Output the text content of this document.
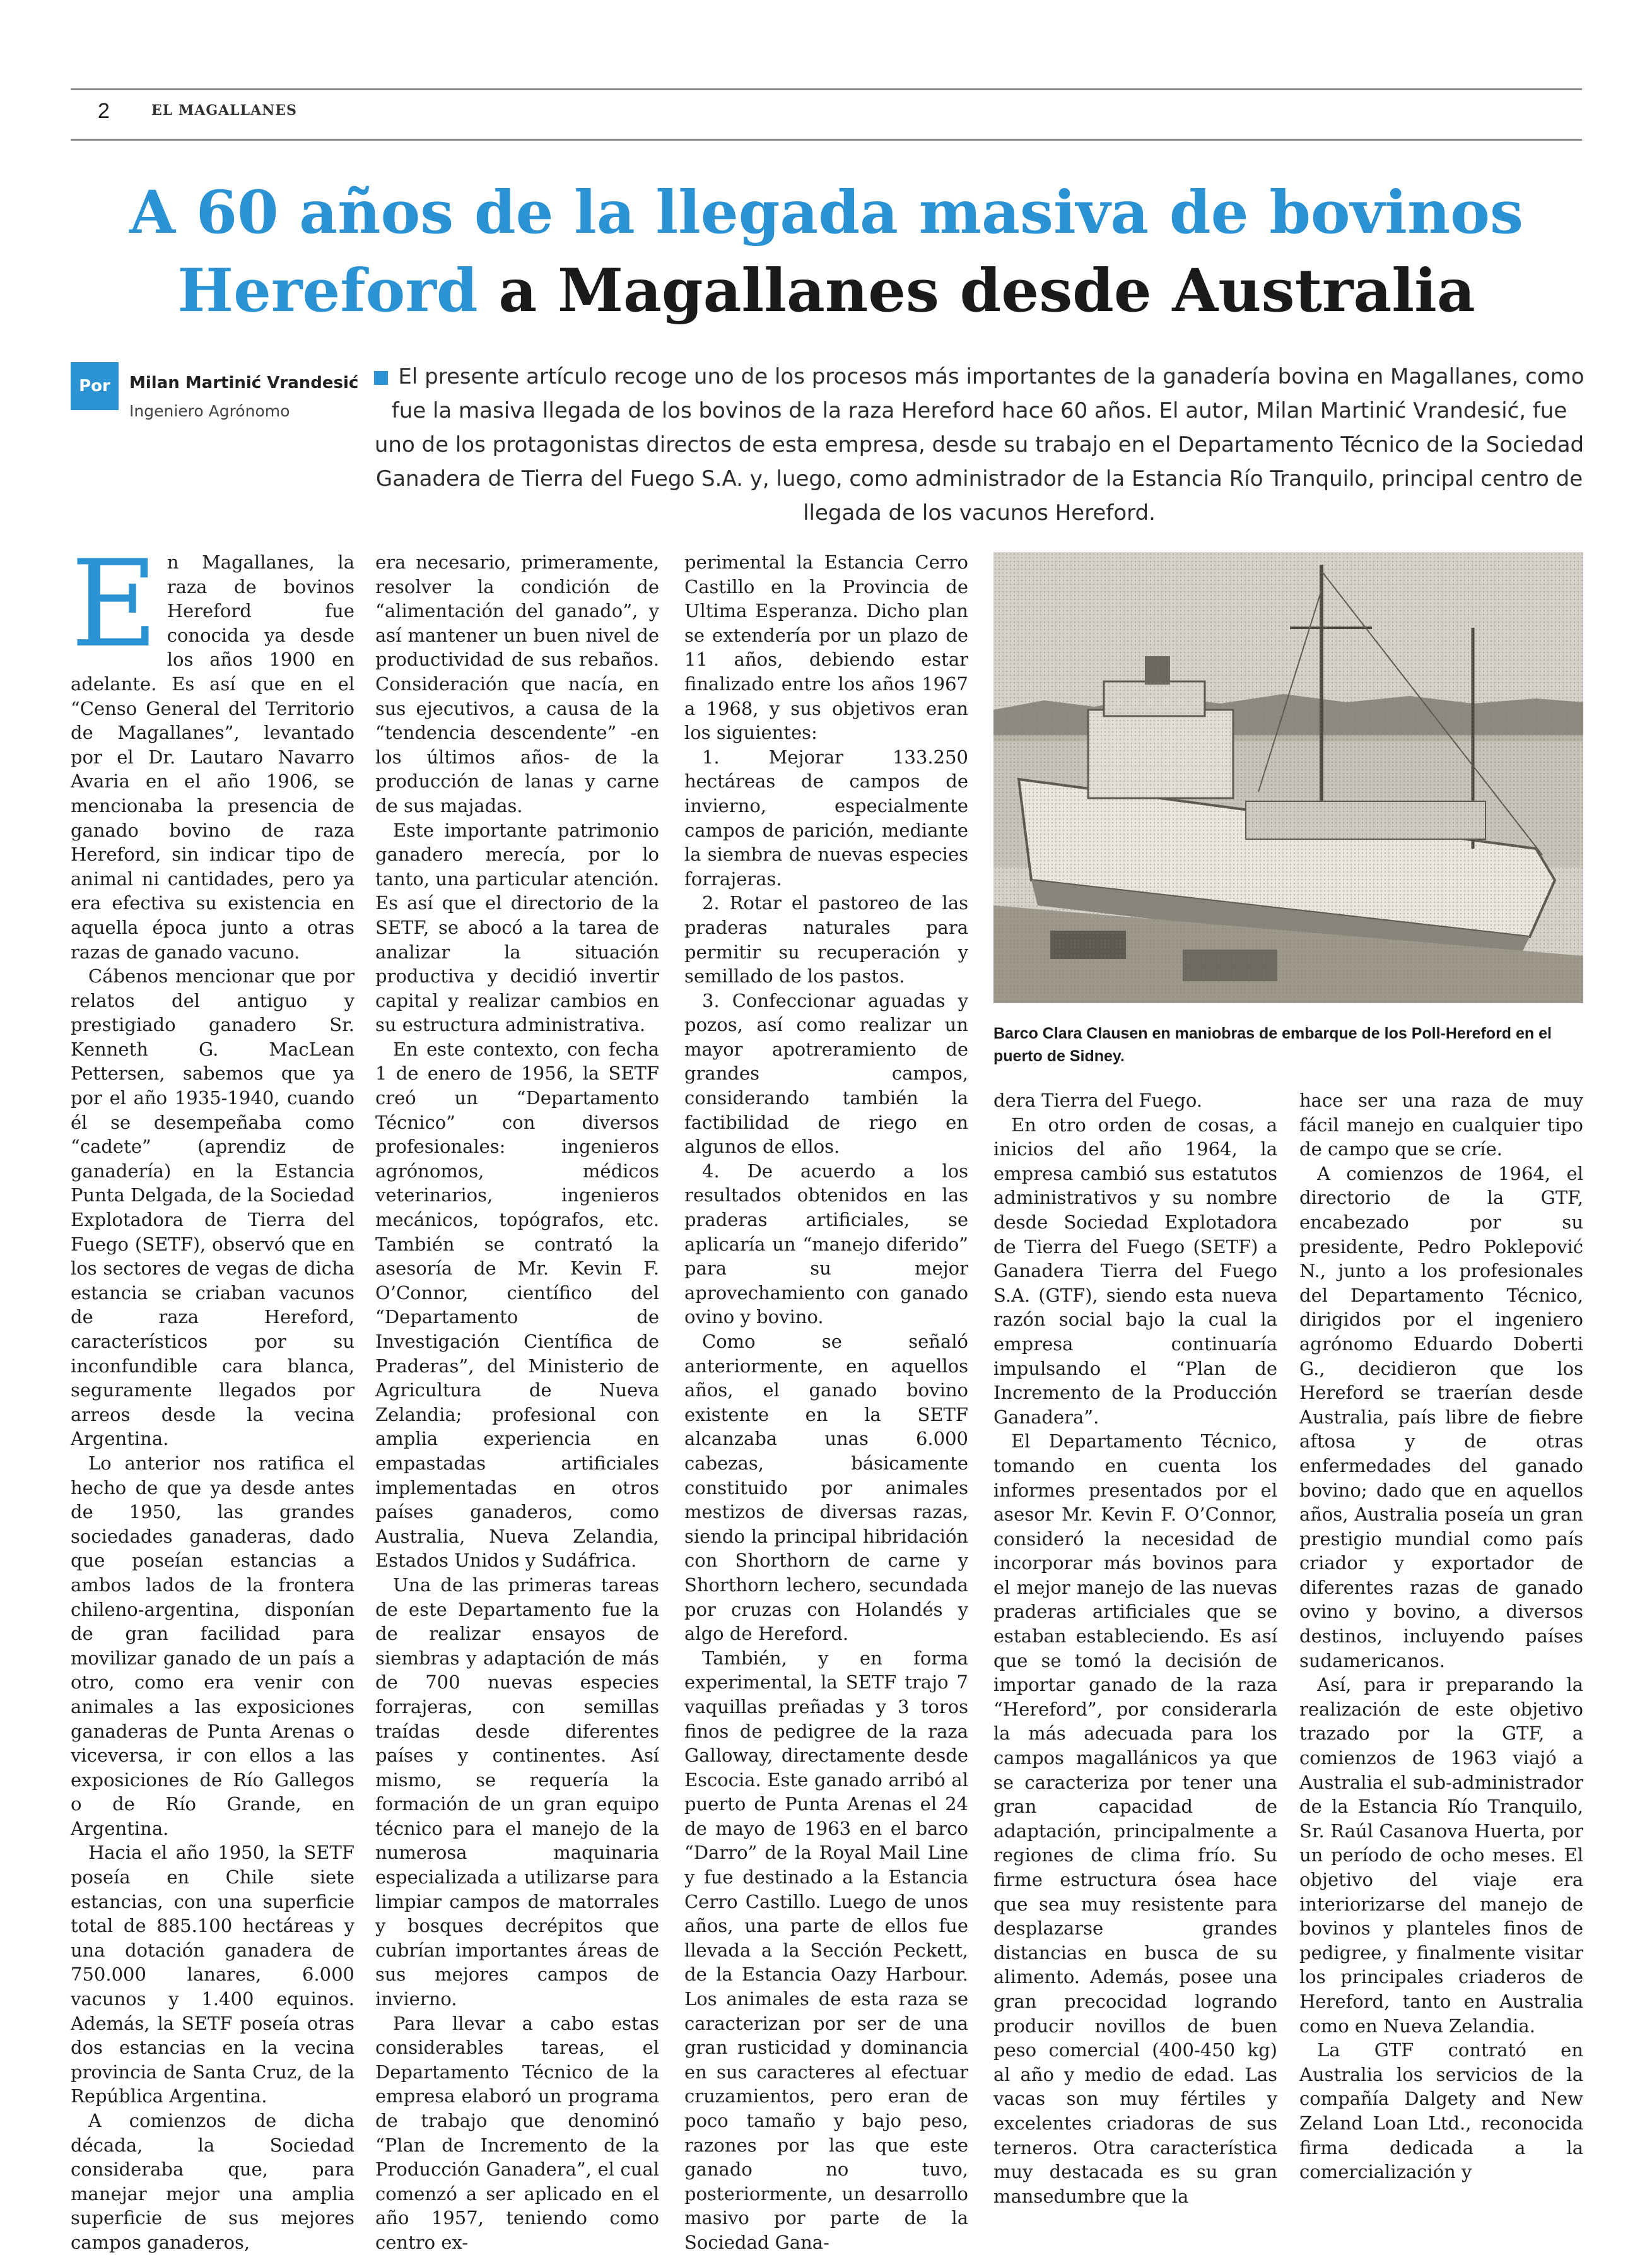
2	EL MAGALLANES
A 60 años de la llegada masiva de bovinos
Hereford a Magallanes desde Australia
Por	Milan Martinić Vrandesić
Ingeniero Agrónomo
El presente artículo recoge uno de los procesos más importantes de la ganadería bovina en Magallanes, como fue la masiva llegada de los bovinos de la raza Hereford hace 60 años. El autor, Milan Martinić Vrandesić, fue uno de los protagonistas directos de esta empresa, desde su trabajo en el Departamento Técnico de la Sociedad Ganadera de Tierra del Fuego S.A. y, luego, como administrador de la Estancia Río Tranquilo, principal centro de llegada de los vacunos Hereford.

En Magallanes, la raza de bovinos Hereford fue conocida ya desde los años 1900 en adelante. Es así que en el “Censo General del Territorio de Magallanes”, levantado por el Dr. Lautaro Navarro Avaria en el año 1906, se mencionaba la presencia de ganado bovino de raza Hereford, sin indicar tipo de animal ni cantidades, pero ya era efectiva su existencia en aquella época junto a otras razas de ganado vacuno.

Cábenos mencionar que por relatos del antiguo y prestigiado ganadero Sr. Kenneth G. MacLean Pettersen, sabemos que ya por el año 1935-1940, cuando él se desempeñaba como “cadete” (aprendiz de ganadería) en la Estancia Punta Delgada, de la Sociedad Explotadora de Tierra del Fuego (SETF), observó que en los sectores de vegas de dicha estancia se criaban vacunos de raza Hereford, característicos por su inconfundible cara blanca, seguramente llegados por arreos desde la vecina Argentina.

Lo anterior nos ratifica el hecho de que ya desde antes de 1950, las grandes sociedades ganaderas, dado que poseían estancias a ambos lados de la frontera chileno-argentina, disponían de gran facilidad para movilizar ganado de un país a otro, como era venir con animales a las exposiciones ganaderas de Punta Arenas o viceversa, ir con ellos a las exposiciones de Río Gallegos o de Río Grande, en Argentina.

Hacia el año 1950, la SETF poseía en Chile siete estancias, con una superficie total de 885.100 hectáreas y una dotación ganadera de 750.000 lanares, 6.000 vacunos y 1.400 equinos. Además, la SETF poseía otras dos estancias en la vecina provincia de Santa Cruz, de la República Argentina.

A comienzos de dicha década, la Sociedad consideraba que, para manejar mejor una amplia superficie de sus mejores campos ganaderos,

era necesario, primeramente, resolver la condición de “alimentación del ganado”, y así mantener un buen nivel de productividad de sus rebaños. Consideración que nacía, en sus ejecutivos, a causa de la “tendencia descendente” -en los últimos años- de la producción de lanas y carne de sus majadas.

Este importante patrimonio ganadero merecía, por lo tanto, una particular atención. Es así que el directorio de la SETF, se abocó a la tarea de analizar la situación productiva y decidió invertir capital y realizar cambios en su estructura administrativa.

En este contexto, con fecha 1 de enero de 1956, la SETF creó un “Departamento Técnico” con diversos profesionales: ingenieros agrónomos, médicos veterinarios, ingenieros mecánicos, topógrafos, etc. También se contrató la asesoría de Mr. Kevin F. O’Connor, científico del “Departamento de Investigación Científica de Praderas”, del Ministerio de Agricultura de Nueva Zelandia; profesional con amplia experiencia en empastadas artificiales implementadas en otros países ganaderos, como Australia, Nueva Zelandia, Estados Unidos y Sudáfrica.

Una de las primeras tareas de este Departamento fue la de realizar ensayos de siembras y adaptación de más de 700 nuevas especies forrajeras, con semillas traídas desde diferentes países y continentes. Así mismo, se requería la formación de un gran equipo técnico para el manejo de la numerosa maquinaria especializada a utilizarse para limpiar campos de matorrales y bosques decrépitos que cubrían importantes áreas de sus mejores campos de invierno.

Para llevar a cabo estas considerables tareas, el Departamento Técnico de la empresa elaboró un programa de trabajo que denominó “Plan de Incremento de la Producción Ganadera”, el cual comenzó a ser aplicado en el año 1957, teniendo como centro ex-

perimental la Estancia Cerro Castillo en la Provincia de Ultima Esperanza. Dicho plan se extendería por un plazo de 11 años, debiendo estar finalizado entre los años 1967 a 1968, y sus objetivos eran los siguientes:

1. Mejorar 133.250 hectáreas de campos de invierno, especialmente campos de parición, mediante la siembra de nuevas especies forrajeras.

2. Rotar el pastoreo de las praderas naturales para permitir su recuperación y semillado de los pastos.

3. Confeccionar aguadas y pozos, así como realizar un mayor apotreramiento de grandes campos, considerando también la factibilidad de riego en algunos de ellos.

4. De acuerdo a los resultados obtenidos en las praderas artificiales, se aplicaría un “manejo diferido” para su mejor aprovechamiento con ganado ovino y bovino.

Como se señaló anteriormente, en aquellos años, el ganado bovino existente en la SETF alcanzaba unas 6.000 cabezas, básicamente constituido por animales mestizos de diversas razas, siendo la principal hibridación con Shorthorn de carne y Shorthorn lechero, secundada por cruzas con Holandés y algo de Hereford.

También, y en forma experimental, la SETF trajo 7 vaquillas preñadas y 3 toros finos de pedigree de la raza Galloway, directamente desde Escocia. Este ganado arribó al puerto de Punta Arenas el 24 de mayo de 1963 en el barco “Darro” de la Royal Mail Line y fue destinado a la Estancia Cerro Castillo. Luego de unos años, una parte de ellos fue llevada a la Sección Peckett, de la Estancia Oazy Harbour. Los animales de esta raza se caracterizan por ser de una gran rusticidad y dominancia en sus caracteres al efectuar cruzamientos, pero eran de poco tamaño y bajo peso, razones por las que este ganado no tuvo, posteriormente, un desarrollo masivo por parte de la Sociedad Gana-

Barco Clara Clausen en maniobras de embarque de los Poll-Hereford en el puerto de Sidney.

dera Tierra del Fuego.

En otro orden de cosas, a inicios del año 1964, la empresa cambió sus estatutos administrativos y su nombre desde Sociedad Explotadora de Tierra del Fuego (SETF) a Ganadera Tierra del Fuego S.A. (GTF), siendo esta nueva razón social bajo la cual la empresa continuaría impulsando el “Plan de Incremento de la Producción Ganadera”.

El Departamento Técnico, tomando en cuenta los informes presentados por el asesor Mr. Kevin F. O’Connor, consideró la necesidad de incorporar más bovinos para el mejor manejo de las nuevas praderas artificiales que se estaban estableciendo. Es así que se tomó la decisión de importar ganado de la raza “Hereford”, por considerarla la más adecuada para los campos magallánicos ya que se caracteriza por tener una gran capacidad de adaptación, principalmente a regiones de clima frío. Su firme estructura ósea hace que sea muy resistente para desplazarse grandes distancias en busca de su alimento. Además, posee una gran precocidad logrando producir novillos de buen peso comercial (400-450 kg) al año y medio de edad. Las vacas son muy fértiles y excelentes criadoras de sus terneros. Otra característica muy destacada es su gran mansedumbre que la

hace ser una raza de muy fácil manejo en cualquier tipo de campo que se críe.

A comienzos de 1964, el directorio de la GTF, encabezado por su presidente, Pedro Poklepović N., junto a los profesionales del Departamento Técnico, dirigidos por el ingeniero agrónomo Eduardo Doberti G., decidieron que los Hereford se traerían desde Australia, país libre de fiebre aftosa y de otras enfermedades del ganado bovino; dado que en aquellos años, Australia poseía un gran prestigio mundial como país criador y exportador de diferentes razas de ganado ovino y bovino, a diversos destinos, incluyendo países sudamericanos.

Así, para ir preparando la realización de este objetivo trazado por la GTF, a comienzos de 1963 viajó a Australia el sub-administrador de la Estancia Río Tranquilo, Sr. Raúl Casanova Huerta, por un período de ocho meses. El objetivo del viaje era interiorizarse del manejo de bovinos y planteles finos de pedigree, y finalmente visitar los principales criaderos de Hereford, tanto en Australia como en Nueva Zelandia.

La GTF contrató en Australia los servicios de la compañía Dalgety and New Zeland Loan Ltd., reconocida firma dedicada a la comercialización y
